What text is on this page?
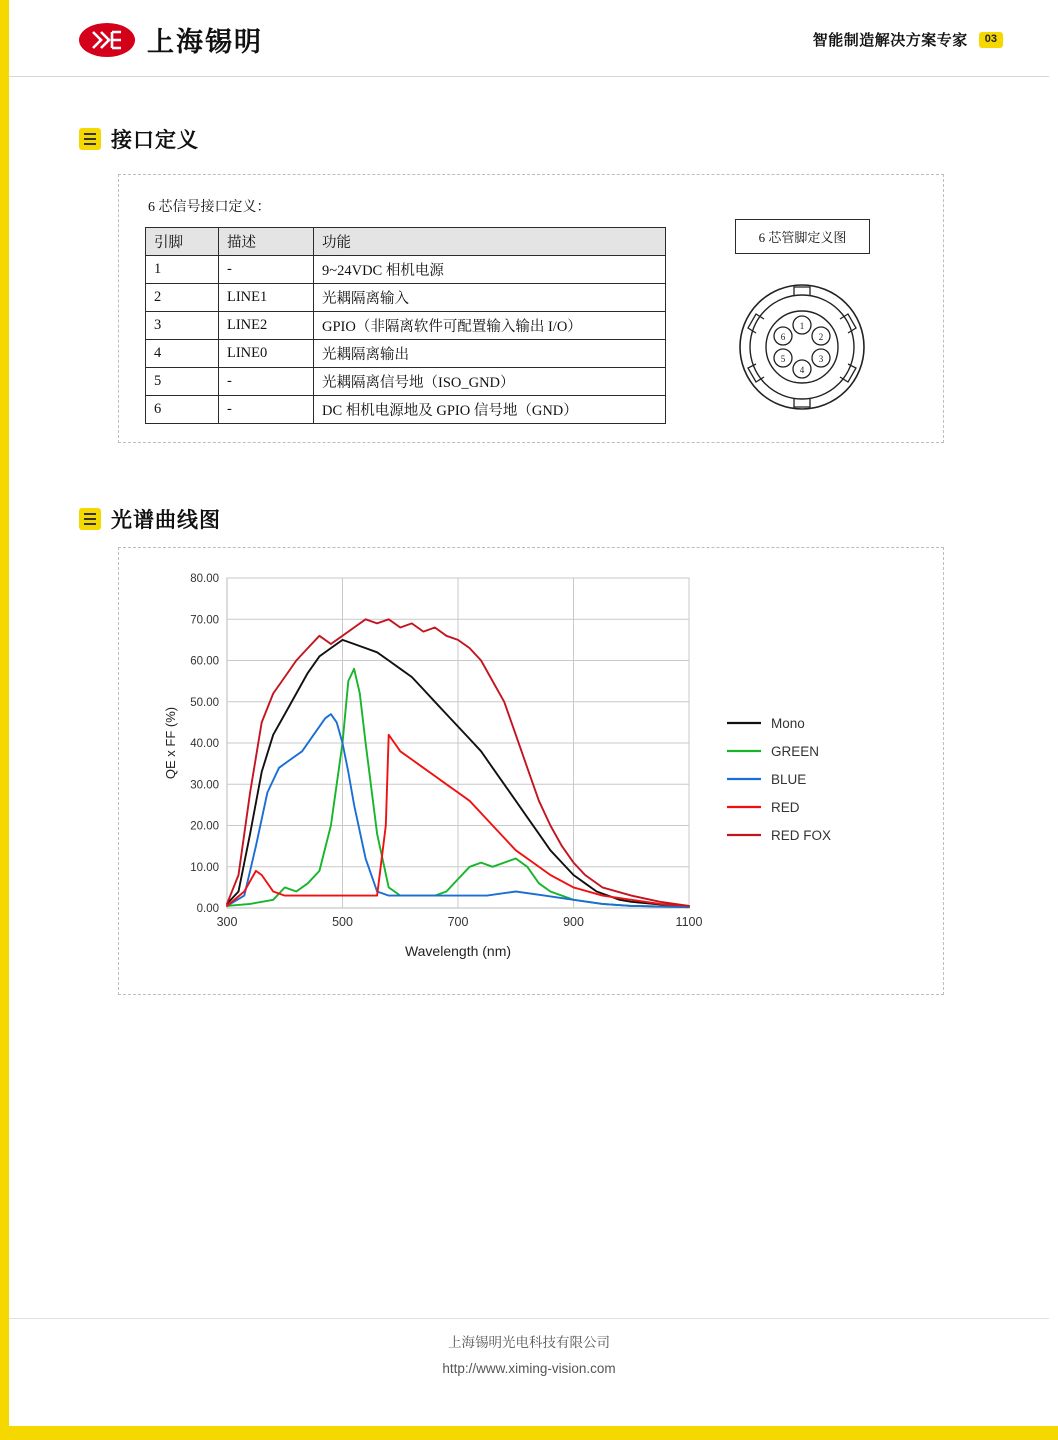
上海锡明	智能制造解决方案专家	03
接口定义
6 芯信号接口定义：
引脚	描述	功能
1	-	9~24VDC 相机电源
2	LINE1	光耦隔离输入
3	LINE2	GPIO（非隔离软件可配置输入输出 I/O）
4	LINE0	光耦隔离输出
5	-	光耦隔离信号地（ISO_GND）
6	-	DC 相机电源地及 GPIO 信号地（GND）
6 芯管脚定义图
1
2
3
4
5
6
光谱曲线图
0.00
10.00
20.00
30.00
40.00
50.00
60.00
70.00
80.00
300	500	700	900	1100
Wavelength (nm)
QE x FF (%)	Mono
GREEN
BLUE
RED
RED FOX
上海锡明光电科技有限公司
http://www.ximing-vision.com
